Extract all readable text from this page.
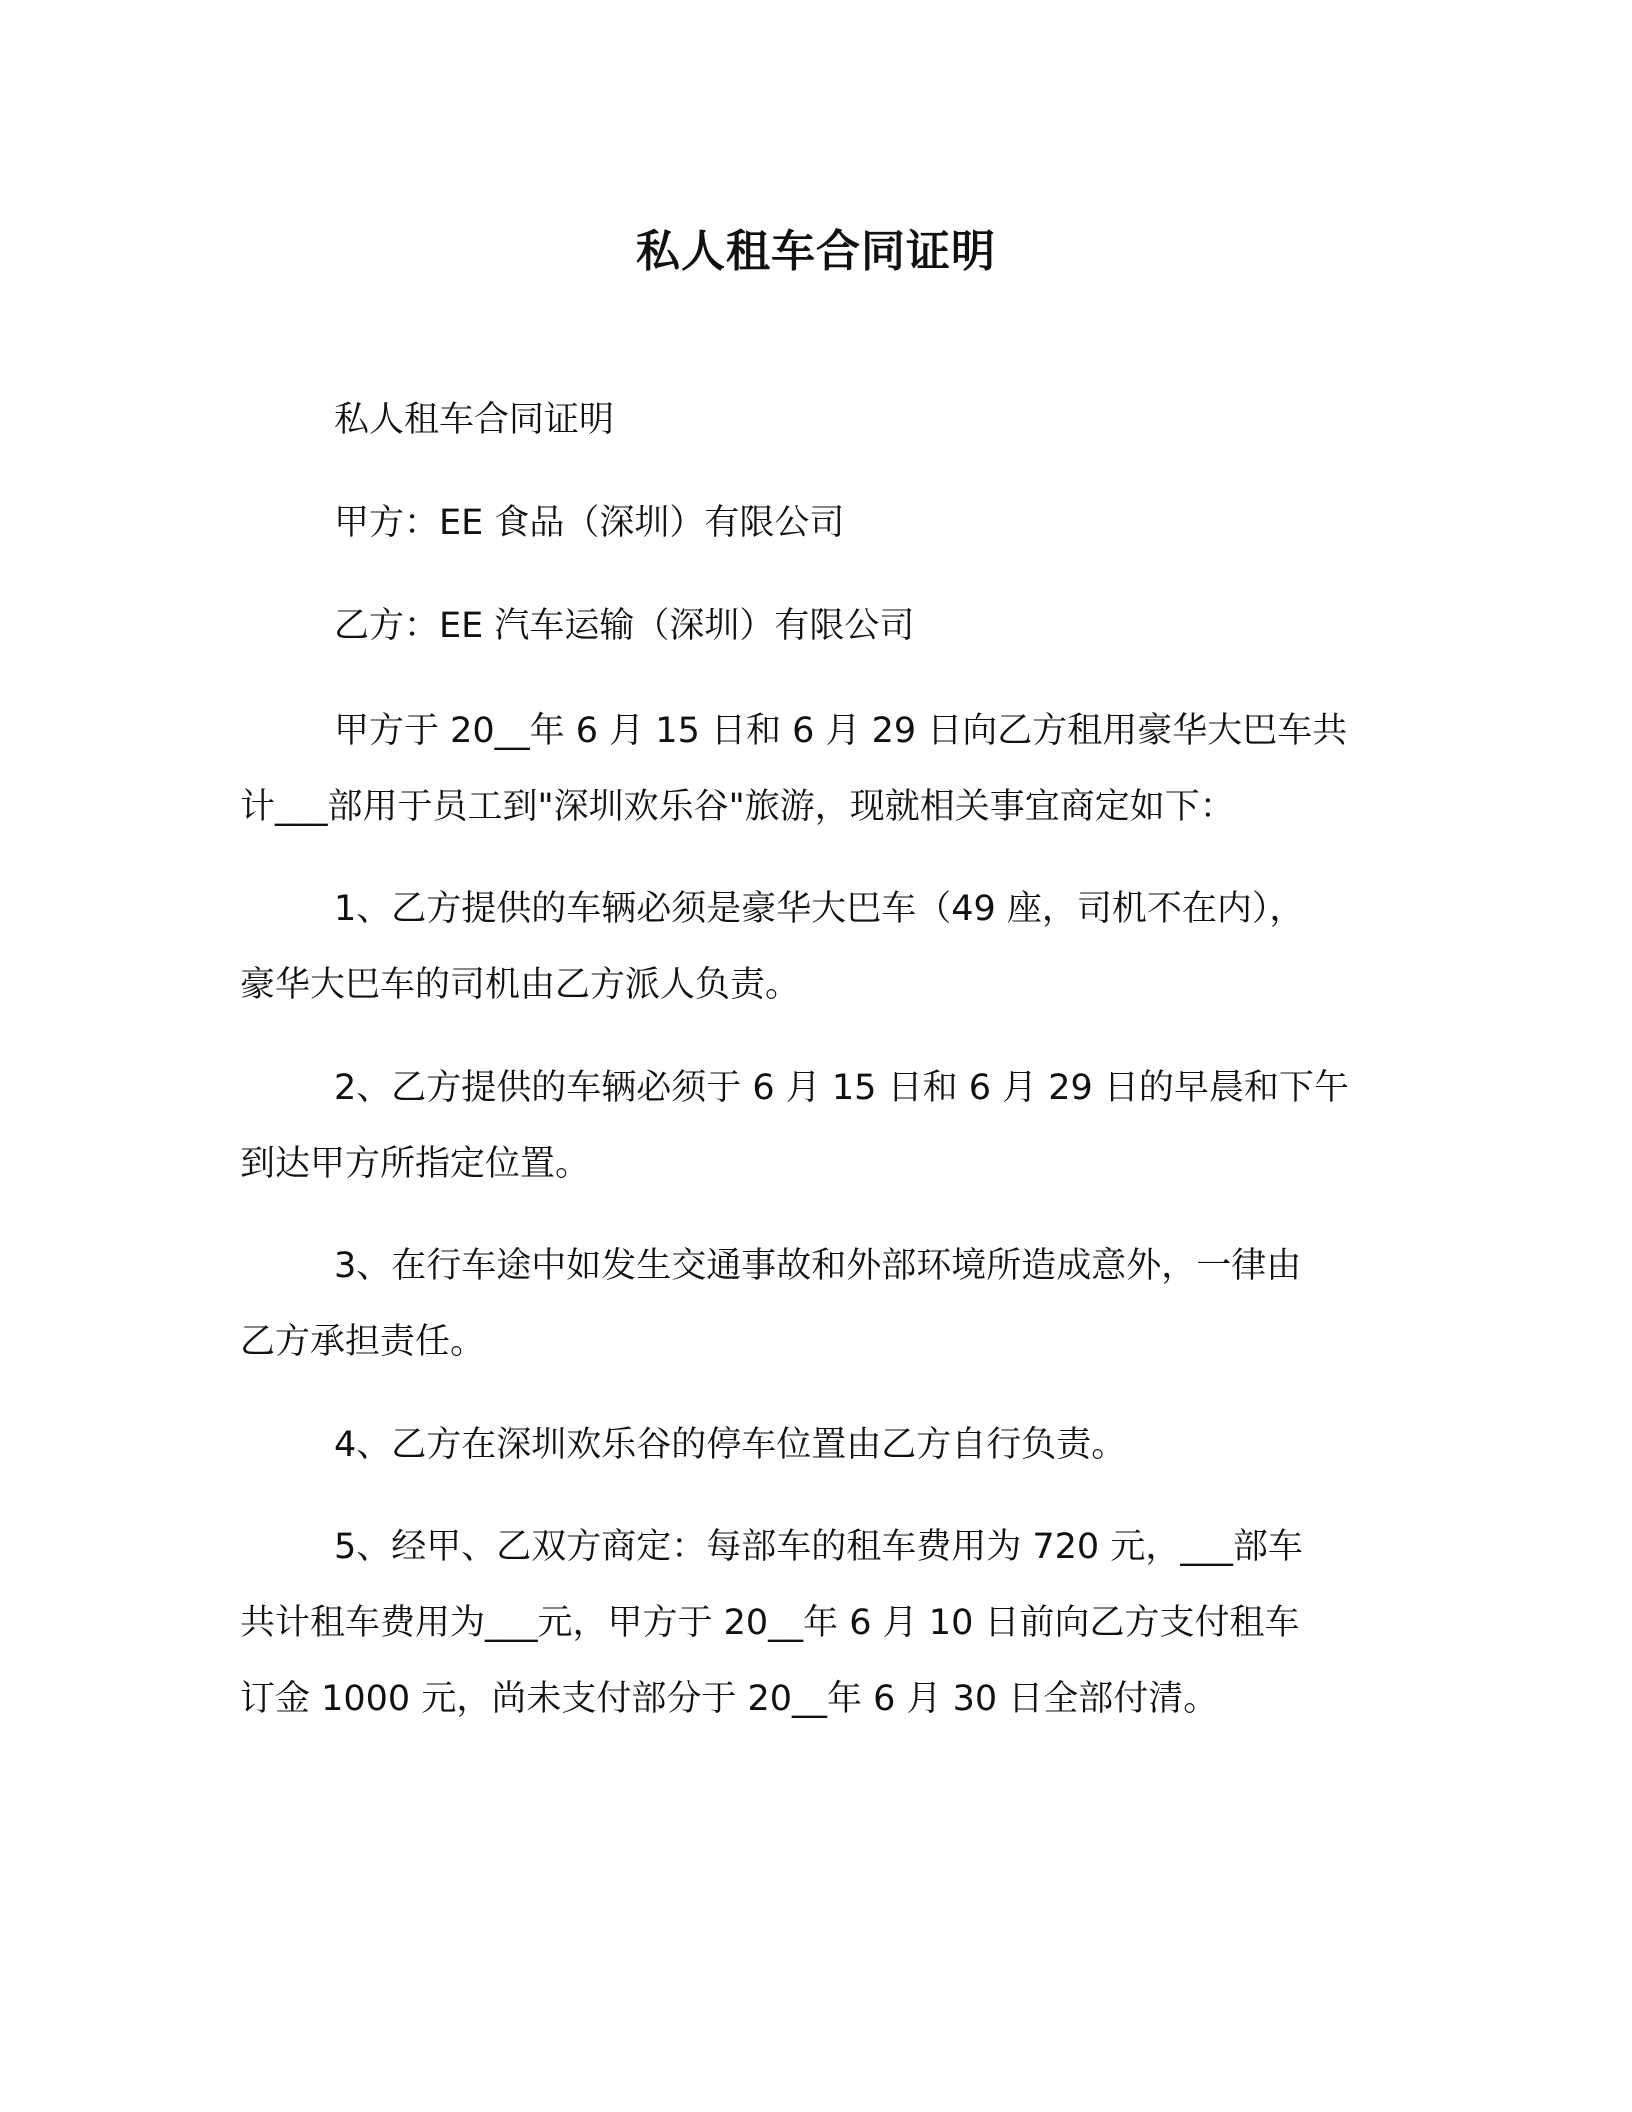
私人租车合同证明
私人租车合同证明
甲方：EE 食品（深圳）有限公司
乙方：EE 汽车运输（深圳）有限公司
甲方于 20__年 6 月 15 日和 6 月 29 日向乙方租用豪华大巴车共
计___部用于员工到"深圳欢乐谷"旅游，现就相关事宜商定如下：
1、乙方提供的车辆必须是豪华大巴车（49 座，司机不在内），
豪华大巴车的司机由乙方派人负责。
2、乙方提供的车辆必须于 6 月 15 日和 6 月 29 日的早晨和下午
到达甲方所指定位置。
3、在行车途中如发生交通事故和外部环境所造成意外，一律由
乙方承担责任。
4、乙方在深圳欢乐谷的停车位置由乙方自行负责。
5、经甲、乙双方商定：每部车的租车费用为 720 元，___部车
共计租车费用为___元，甲方于 20__年 6 月 10 日前向乙方支付租车
订金 1000 元，尚未支付部分于 20__年 6 月 30 日全部付清。
